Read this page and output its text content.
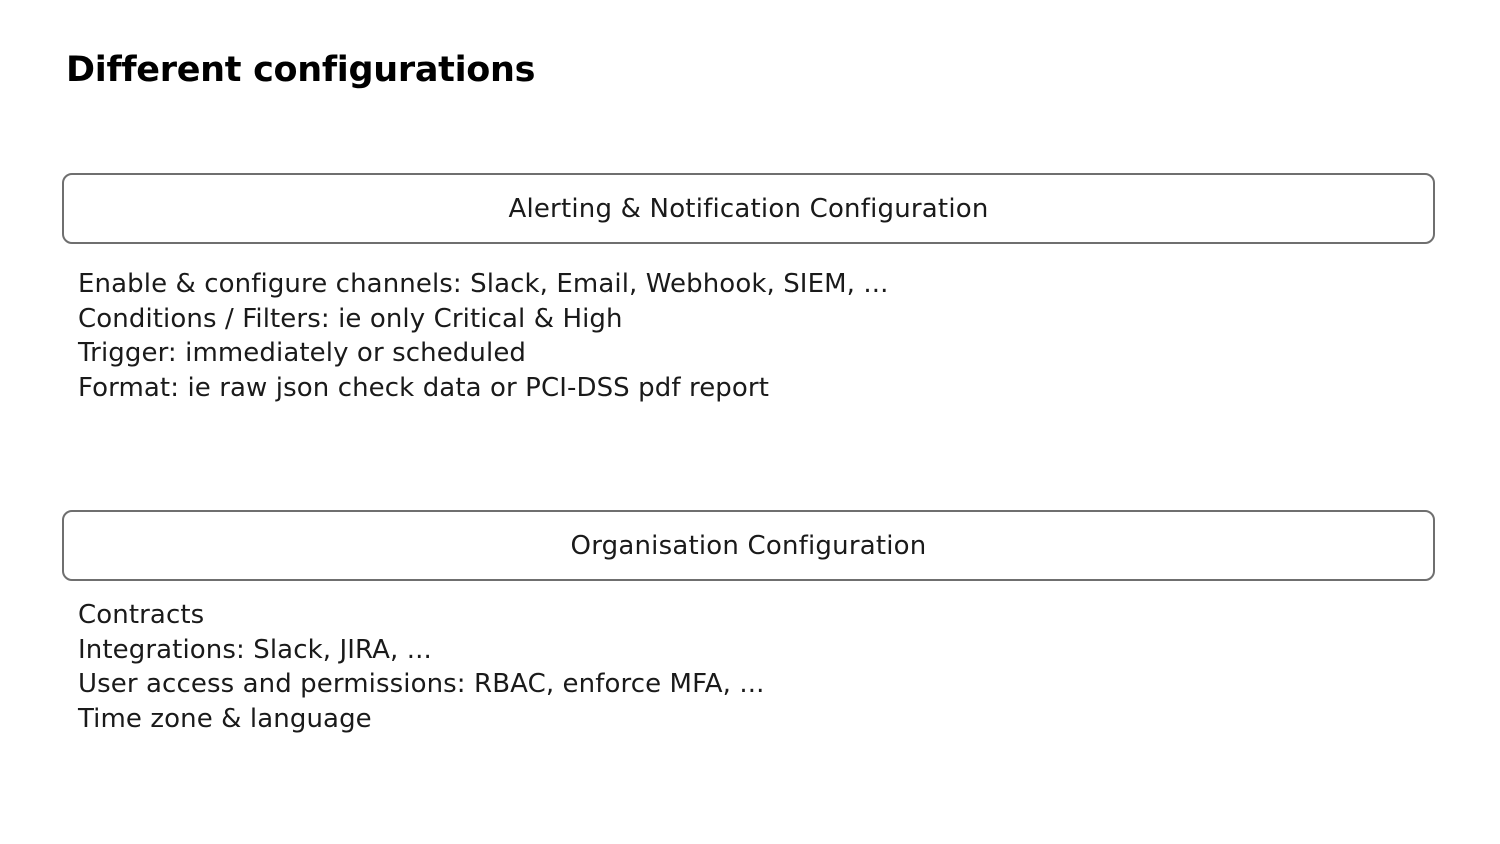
Different configurations
Alerting & Notification Configuration
Enable & configure channels: Slack, Email, Webhook, SIEM, ...
Conditions / Filters: ie only Critical & High
Trigger: immediately or scheduled
Format: ie raw json check data or PCI-DSS pdf report
Organisation Configuration
Contracts
Integrations: Slack, JIRA, ...
User access and permissions: RBAC, enforce MFA, ...
Time zone & language
